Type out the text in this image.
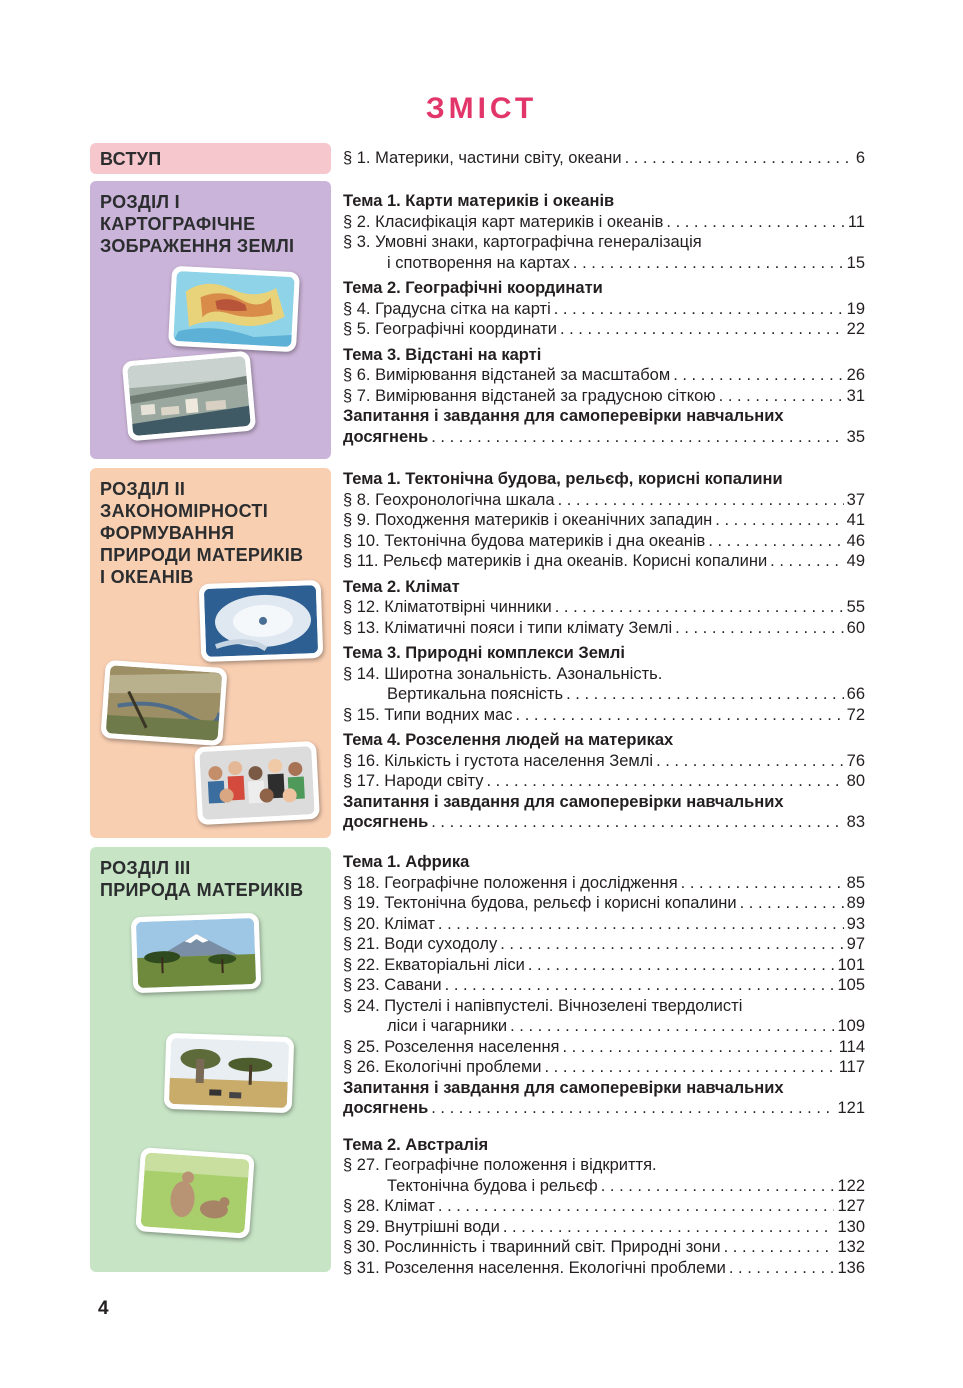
ЗМІСТ
ВСТУП
РОЗДІЛ І
КАРТОГРАФІЧНЕ
ЗОБРАЖЕННЯ ЗЕМЛІ
РОЗДІЛ ІІ
ЗАКОНОМІРНОСТІ
ФОРМУВАННЯ
ПРИРОДИ МАТЕРИКІВ
І ОКЕАНІВ
РОЗДІЛ ІІІ
ПРИРОДА МАТЕРИКІВ
§ 1. Материки, частини світу, океани . . .	6
Тема 1. Карти материків і океанів
§ 2. Класифікація карт материків і океанів . . .	11
§ 3. Умовні знаки, картографічна генералізація
і спотворення на картах . . .	15
Тема 2. Географічні координати
§ 4. Градусна сітка на карті . . .	19
§ 5. Географічні координати . . .	22
Тема 3. Відстані на карті
§ 6. Вимірювання відстаней за масштабом . . .	26
§ 7. Вимірювання відстаней за градусною сіткою . . .	31
Запитання і завдання для самоперевірки навчальних
досягнень . . .	35
Тема 1. Тектонічна будова, рельєф, корисні копалини
§ 8. Геохронологічна шкала . . .	37
§ 9. Походження материків і океанічних западин . . .	41
§ 10. Тектонічна будова материків і дна океанів . . .	46
§ 11. Рельєф материків і дна океанів. Корисні копалини . . .	49
Тема 2. Клімат
§ 12. Кліматотвірні чинники . . .	55
§ 13. Кліматичні пояси і типи клімату Землі . . .	60
Тема 3. Природні комплекси Землі
§ 14. Широтна зональність. Азональність.
Вертикальна поясність . . .	66
§ 15. Типи водних мас . . .	72
Тема 4. Розселення людей на материках
§ 16. Кількість і густота населення Землі . . .	76
§ 17. Народи світу . . .	80
Запитання і завдання для самоперевірки навчальних
досягнень . . .	83
Тема 1. Африка
§ 18. Географічне положення і дослідження . . .	85
§ 19. Тектонічна будова, рельєф і корисні копалини . . .	89
§ 20. Клімат . . .	93
§ 21. Води суходолу . . .	97
§ 22. Екваторіальні ліси . . .	101
§ 23. Савани . . .	105
§ 24. Пустелі і напівпустелі. Вічнозелені твердолисті
ліси і чагарники . . .	109
§ 25. Розселення населення . . .	114
§ 26. Екологічні проблеми . . .	117
Запитання і завдання для самоперевірки навчальних
досягнень . . .	121
Тема 2. Австралія
§ 27. Географічне положення і відкриття.
Тектонічна будова і рельєф . . .	122
§ 28. Клімат . . .	127
§ 29. Внутрішні води . . .	130
§ 30. Рослинність і тваринний світ. Природні зони . . .	132
§ 31. Розселення населення. Екологічні проблеми . . .	136
4
